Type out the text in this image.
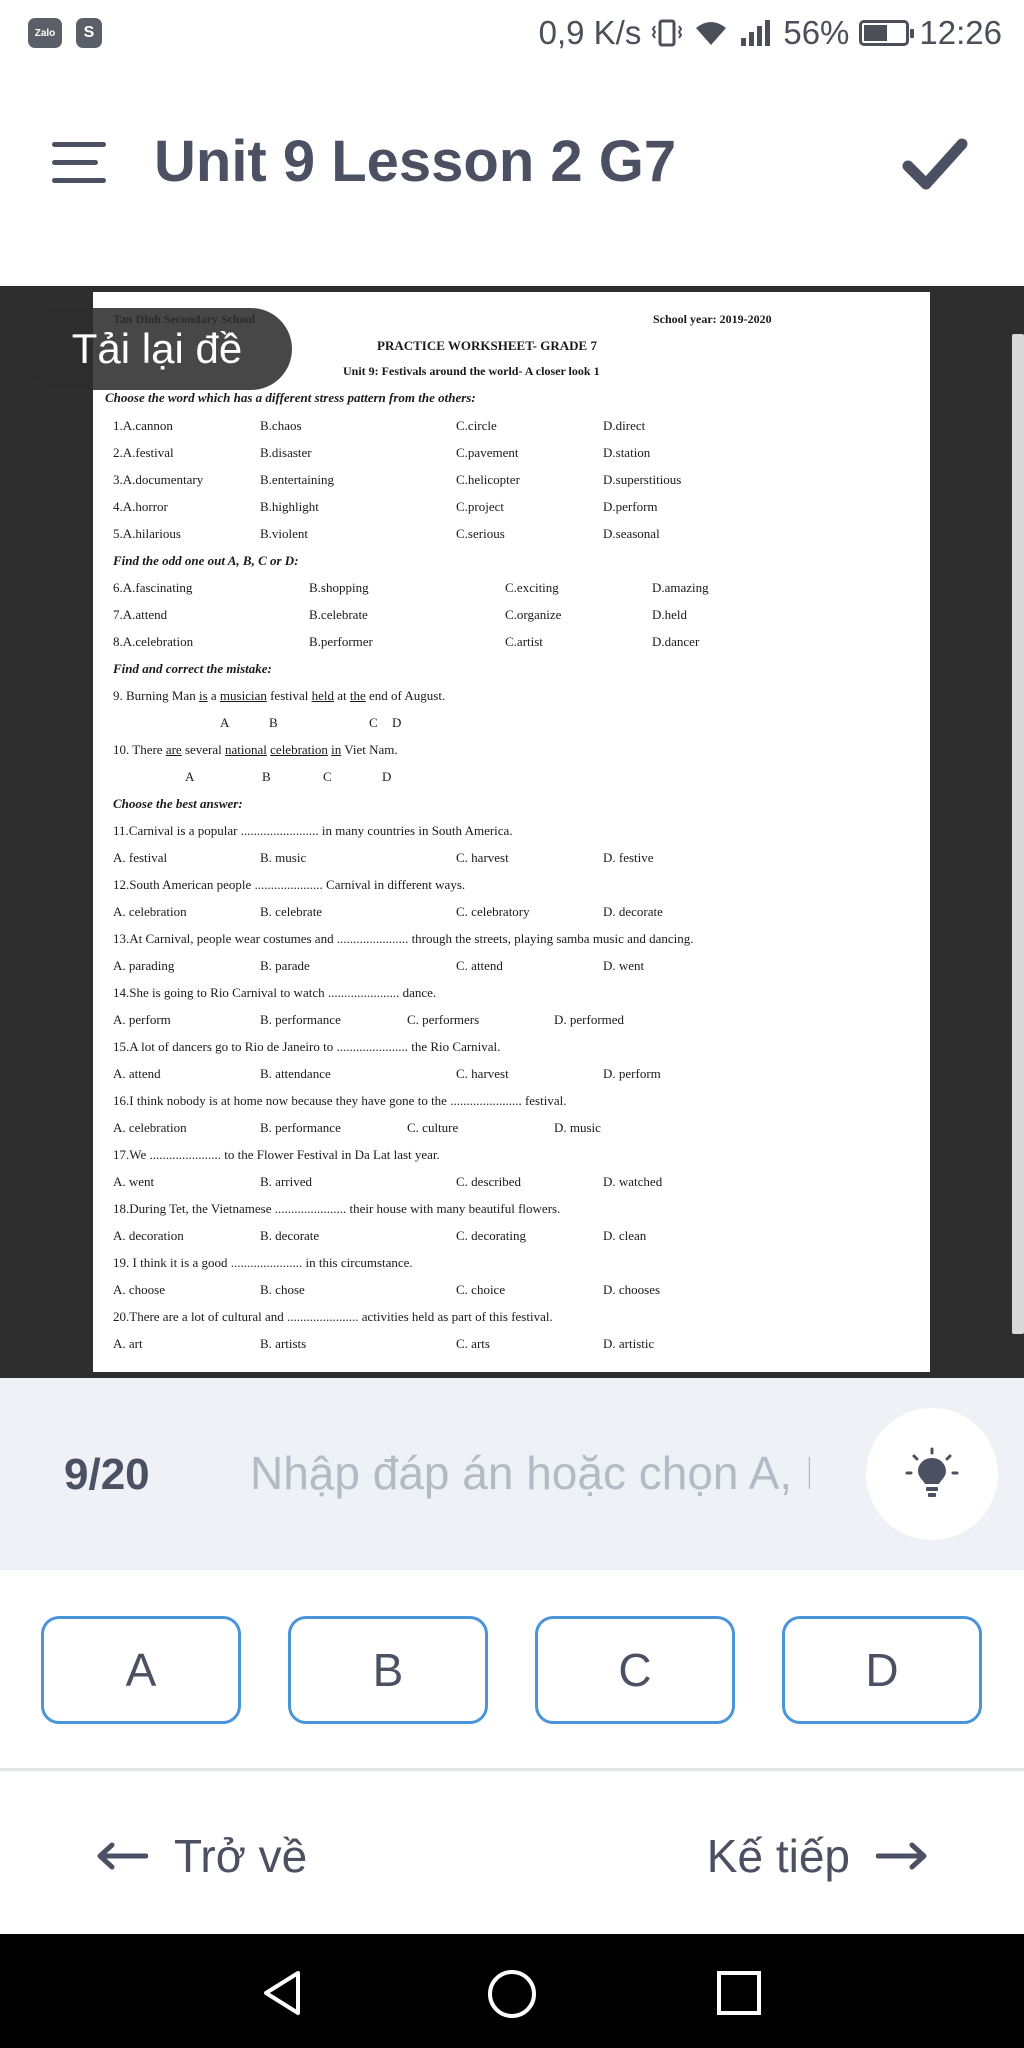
Zalo	S	0,9 K/s	56% 12:26
Unit 9 Lesson 2 G7
Tải lại đề
School year: 2019-2020
PRACTICE WORKSHEET- GRADE 7
Unit 9: Festivals around the world- A closer look 1
Choose the word which has a different stress pattern from the others:
1.A.cannon	B.chaos	C.circle	D.direct
2.A.festival	B.disaster	C.pavement	D.station
3.A.documentary	B.entertaining	C.helicopter	D.superstitious
4.A.horror	B.highlight	C.project	D.perform
5.A.hilarious	B.violent	C.serious	D.seasonal
Find the odd one out A, B, C or D:
6.A.fascinating	B.shopping	C.exciting	D.amazing
7.A.attend	B.celebrate	C.organize	D.held
8.A.celebration	B.performer	C.artist	D.dancer
Find and correct the mistake:
9. Burning Man is a musician festival held at the end of August.
A	B	C D
10. There are several national celebration in Viet Nam.
A	B	C	D
Choose the best answer:
11.Carnival is a popular ........................ in many countries in South America.
A. festival	B. music	C. harvest	D. festive
12.South American people ..................... Carnival in different ways.
A. celebration	B. celebrate	C. celebratory	D. decorate
13.At Carnival, people wear costumes and ...................... through the streets, playing samba music and dancing.
A. parading	B. parade	C. attend	D. went
14.She is going to Rio Carnival to watch ...................... dance.
A. perform	B. performance	C. performers	D. performed
15.A lot of dancers go to Rio de Janeiro to ...................... the Rio Carnival.
A. attend	B. attendance	C. harvest	D. perform
16.I think nobody is at home now because they have gone to the ...................... festival.
A. celebration	B. performance	C. culture	D. music
17.We ...................... to the Flower Festival in Da Lat last year.
A. went	B. arrived	C. described	D. watched
18.During Tet, the Vietnamese ...................... their house with many beautiful flowers.
A. decoration	B. decorate	C. decorating	D. clean
19. I think it is a good ...................... in this circumstance.
A. choose	B. chose	C. choice	D. chooses
20.There are a lot of cultural and ...................... activities held as part of this festival.
A. art	B. artists	C. arts	D. artistic
9/20
Nhập đáp án hoặc chọn A, B, C, D
A	B	C	D
Trở về	Kế tiếp
